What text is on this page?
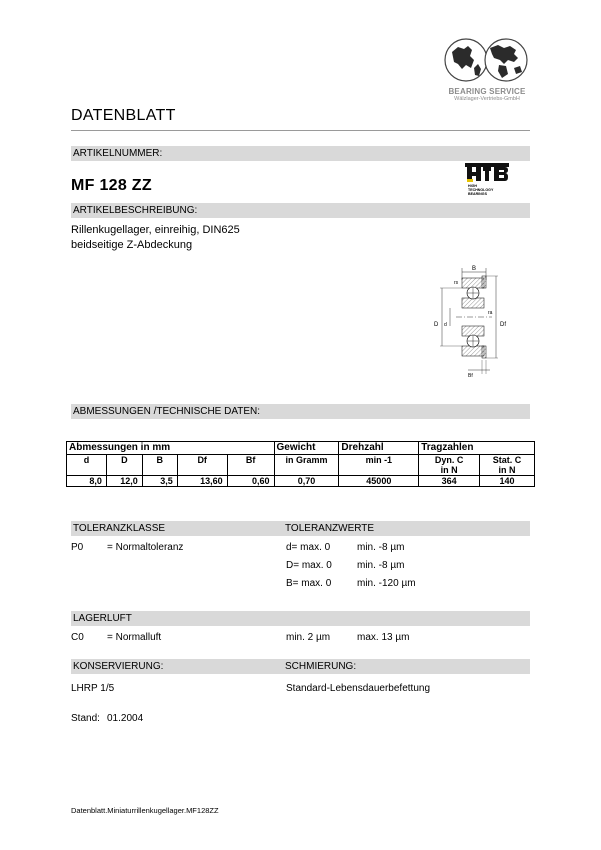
BEARING SERVICE
Wälzlager-Vertriebs-GmbH
DATENBLATT
ARTIKELNUMMER:
MF 128 ZZ	HIGH
TECHNOLOGY
BEARINGS
ARTIKELBESCHREIBUNG:
Rillenkugellager, einreihig, DIN625
beidseitige Z-Abdeckung
B
D d	Df
rs
ra
Bf
ABMESSUNGEN /TECHNISCHE DATEN:
Abmessungen in mm					Gewicht	Drehzahl	Tragzahlen	
d	D	B	Df	Bf	in Gramm	min -1	Dyn. C	Stat. C
							in N	in N
8,0	12,0	3,5	13,60	0,60	0,70	45000	364	140
TOLERANZKLASSE	TOLERANZWERTE
P0 = Normaltoleranz	d= max. 0	min. -8 µm
D= max. 0	min. -8 µm
B= max. 0	min. -120 µm
LAGERLUFT
C0 = Normalluft	min. 2 µm	max. 13 µm
KONSERVIERUNG:	SCHMIERUNG:
LHRP 1/5	Standard-Lebensdauerbefettung
Stand: 01.2004
Datenblatt.Miniaturrillenkugellager.MF128ZZ
